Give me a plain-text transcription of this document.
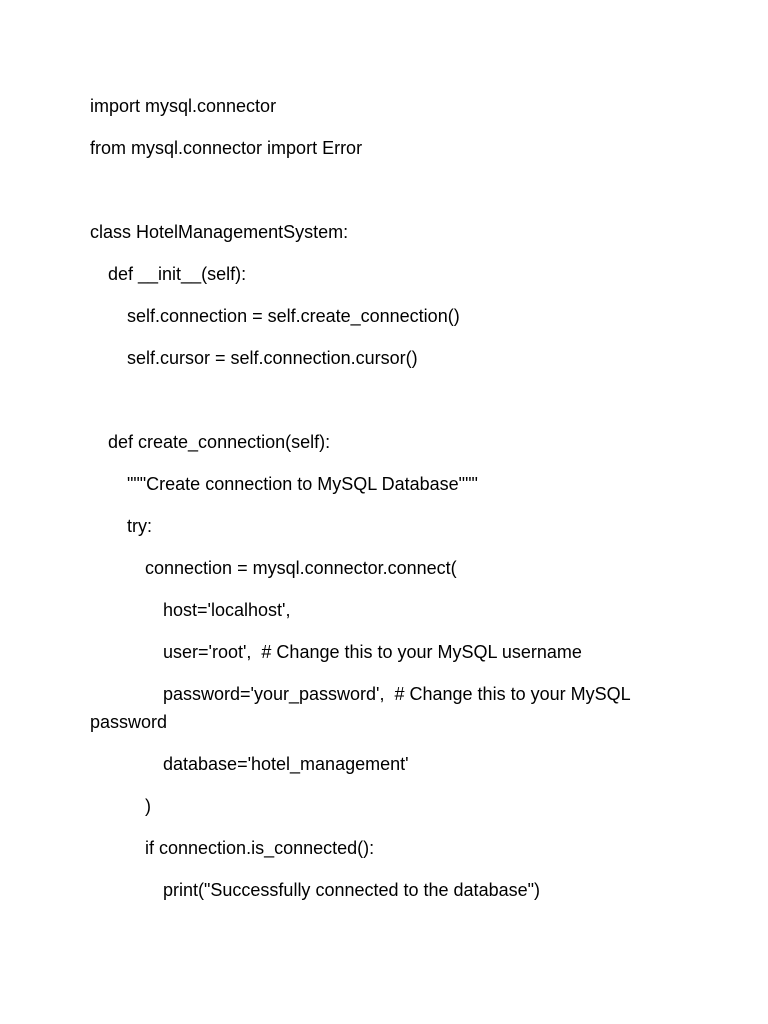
import mysql.connector
from mysql.connector import Error
class HotelManagementSystem:
def __init__(self):
self.connection = self.create_connection()
self.cursor = self.connection.cursor()
def create_connection(self):
"""Create connection to MySQL Database"""
try:
connection = mysql.connector.connect(
host='localhost',
user='root',  # Change this to your MySQL username
password='your_password',  # Change this to your MySQL
password
database='hotel_management'
)
if connection.is_connected():
print("Successfully connected to the database")
